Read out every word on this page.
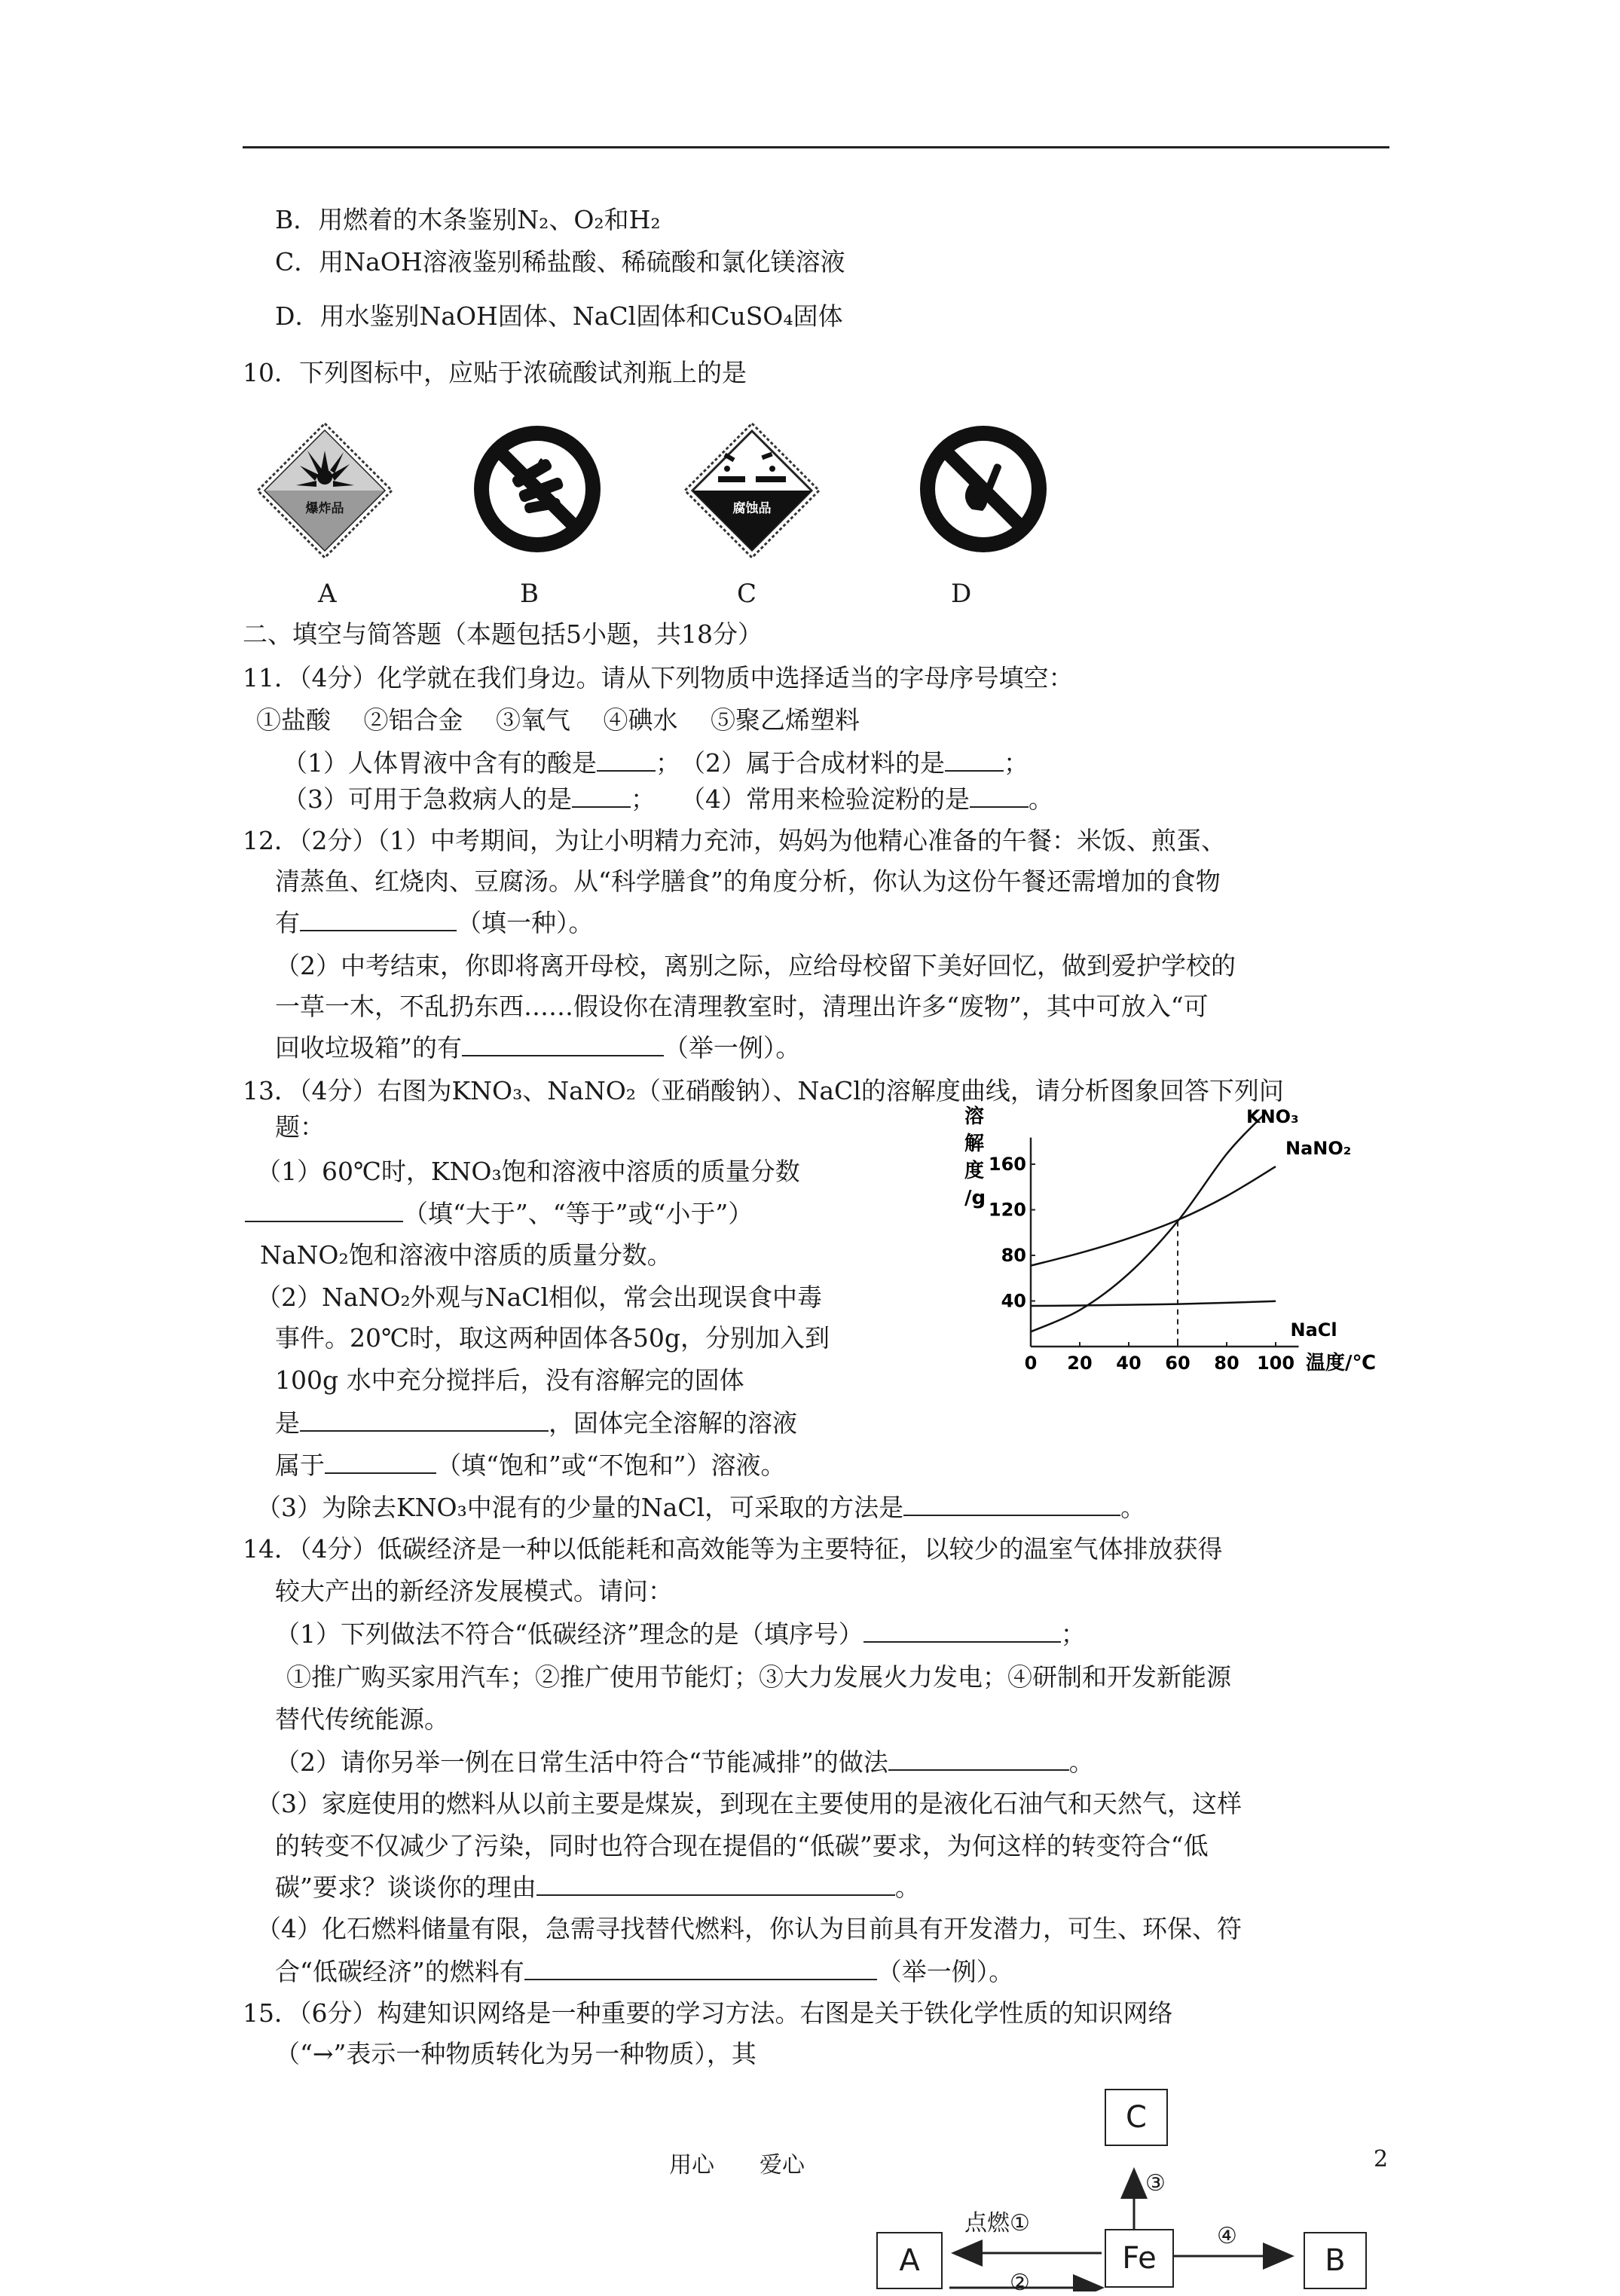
B．用燃着的木条鉴别N₂、O₂和H₂
C．用NaOH溶液鉴别稀盐酸、稀硫酸和氯化镁溶液
D．用水鉴别NaOH固体、NaCl固体和CuSO₄固体
10．下列图标中，应贴于浓硫酸试剂瓶上的是
爆炸品	腐蚀品
A	B	C	D
二、填空与简答题（本题包括5小题，共18分）
11．（4分）化学就在我们身边。请从下列物质中选择适当的字母序号填空：
①盐酸 　②铝合金 　③氧气 　④碘水 　⑤聚乙烯塑料
（1）人体胃液中含有的酸是 ；　（2）属于合成材料的是 ；
（3）可用于急救病人的是 ；　　（4）常用来检验淀粉的是 。
12．（2分）（1）中考期间，为让小明精力充沛，妈妈为他精心准备的午餐：米饭、煎蛋、
清蒸鱼、红烧肉、豆腐汤。从“科学膳食”的角度分析，你认为这份午餐还需增加的食物
有	（填一种）。
（2）中考结束，你即将离开母校，离别之际，应给母校留下美好回忆，做到爱护学校的
一草一木，不乱扔东西……假设你在清理教室时，清理出许多“废物”，其中可放入“可
回收垃圾箱”的有	（举一例）。
13．（4分）右图为KNO₃、NaNO₂（亚硝酸钠）、NaCl的溶解度曲线，请分析图象回答下列问
题：
（1）60℃时，KNO₃饱和溶液中溶质的质量分数
（填“大于”、“等于”或“小于”）
NaNO₂饱和溶液中溶质的质量分数。
（2）NaNO₂外观与NaCl相似，常会出现误食中毒
事件。20℃时，取这两种固体各50g，分别加入到
100g 水中充分搅拌后，没有溶解完的固体
是	，固体完全溶解的溶液
属于	（填“饱和”或“不饱和”）溶液。
（3）为除去KNO₃中混有的少量的NaCl，可采取的方法是	。
0 20 40 60 80 100
40
80
120
160
溶
解
度
/g
温度/℃
KNO₃
NaNO₂
NaCl
14．（4分）低碳经济是一种以低能耗和高效能等为主要特征，以较少的温室气体排放获得
较大产出的新经济发展模式。请问：
（1）下列做法不符合“低碳经济”理念的是（填序号）	；
①推广购买家用汽车；②推广使用节能灯；③大力发展火力发电；④研制和开发新能源
替代传统能源。
（2）请你另举一例在日常生活中符合“节能减排”的做法	。
（3）家庭使用的燃料从以前主要是煤炭，到现在主要使用的是液化石油气和天然气，这样
的转变不仅减少了污染，同时也符合现在提倡的“低碳”要求，为何这样的转变符合“低
碳”要求？谈谈你的理由	。
（4）化石燃料储量有限，急需寻找替代燃料，你认为目前具有开发潜力，可生、环保、符
合“低碳经济”的燃料有	（举一例）。
15．（6分）构建知识网络是一种重要的学习方法。右图是关于铁化学性质的知识网络
（“→”表示一种物质转化为另一种物质），其
C
A	Fe	B
点燃①
②
③
④
用心　　爱心	2
